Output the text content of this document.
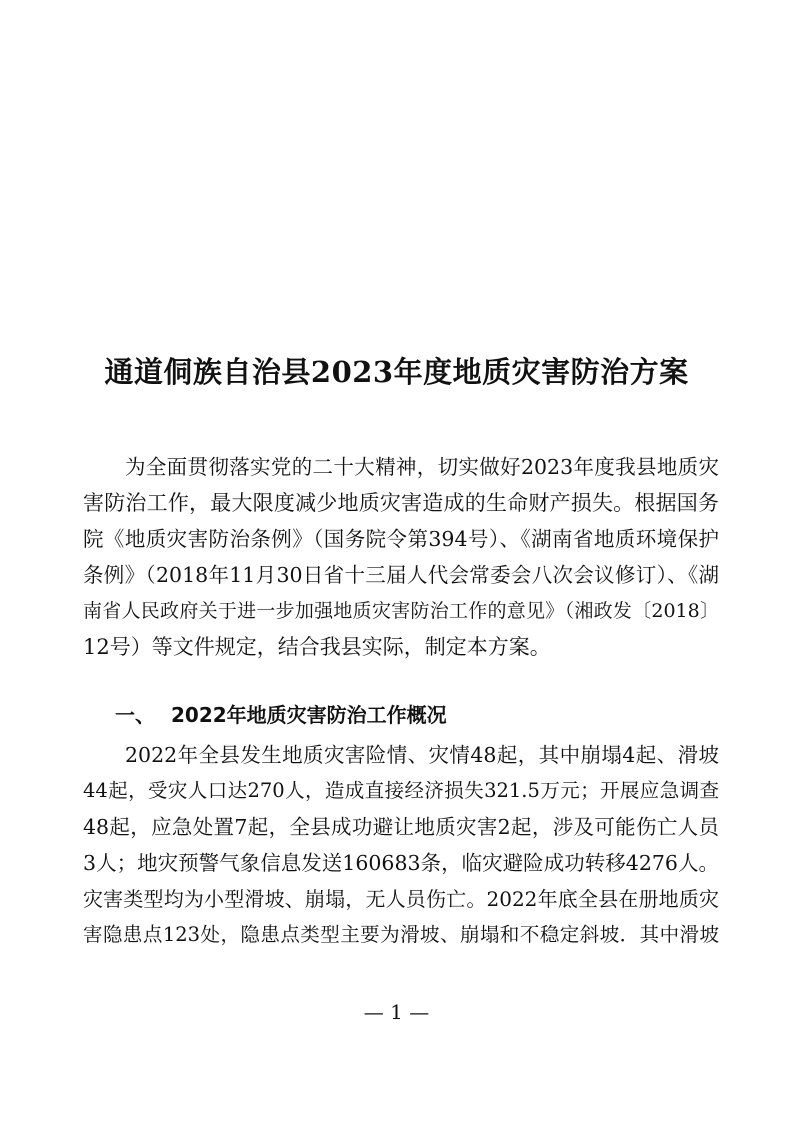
通道侗族自治县2023年度地质灾害防治方案
为全面贯彻落实党的二十大精神，切实做好2023年度我县地质灾
害防治工作，最大限度减少地质灾害造成的生命财产损失。根据国务
院《地质灾害防治条例》（国务院令第394号）、《湖南省地质环境保护
条例》（2018年11月30日省十三届人代会常委会八次会议修订）、《湖
南省人民政府关于进一步加强地质灾害防治工作的意见》（湘政发〔2018〕
12号）等文件规定，结合我县实际，制定本方案。
一、 2022年地质灾害防治工作概况
2022年全县发生地质灾害险情、灾情48起，其中崩塌4起、滑坡
44起，受灾人口达270人，造成直接经济损失321.5万元；开展应急调查
48起，应急处置7起，全县成功避让地质灾害2起，涉及可能伤亡人员
3人；地灾预警气象信息发送160683条，临灾避险成功转移4276人。
灾害类型均为小型滑坡、崩塌，无人员伤亡。2022年底全县在册地质灾
害隐患点123处，隐患点类型主要为滑坡、崩塌和不稳定斜坡．其中滑坡
— 1 —
